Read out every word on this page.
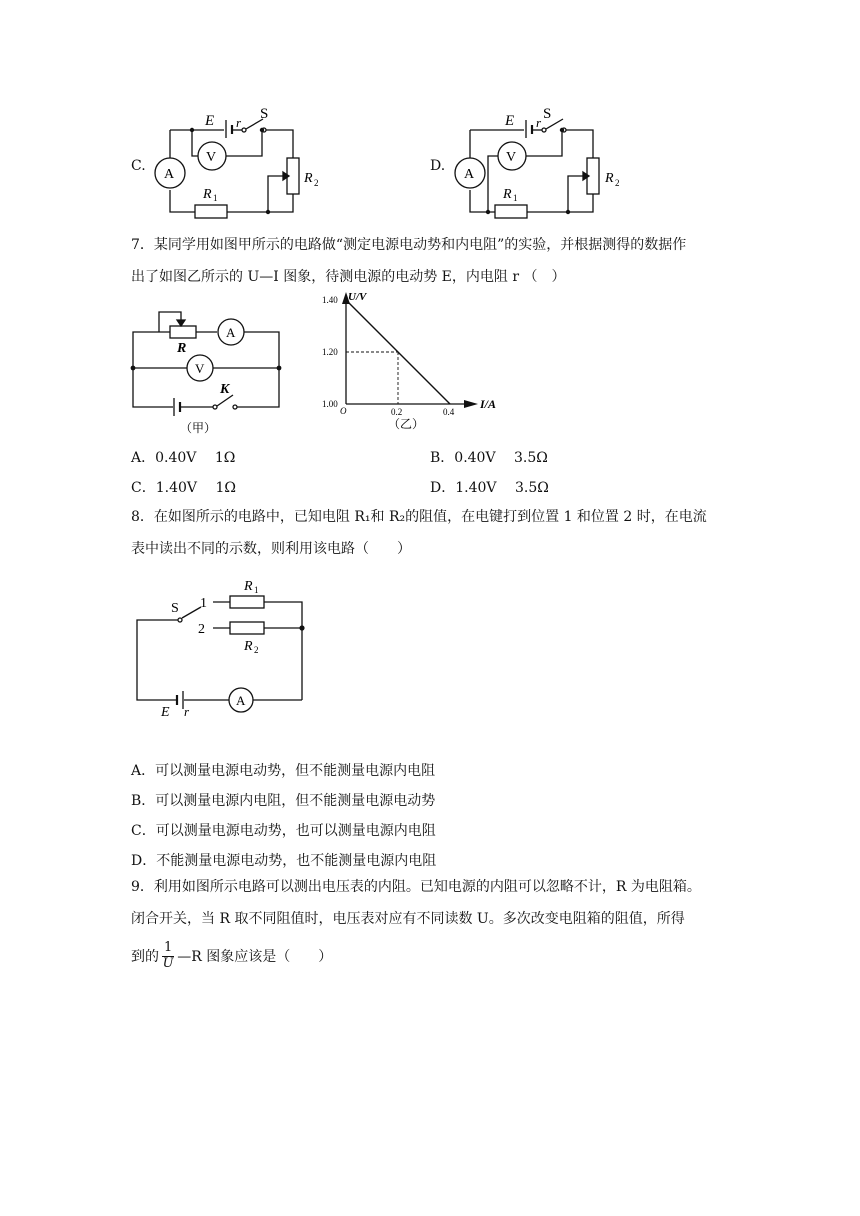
C.
E r
S
V
A
R 1
R 2
D.
E r
S
V
A
R 1
R 2
7．某同学用如图甲所示的电路做“测定电源电动势和内电阻”的实验，并根据测得的数据作
出了如图乙所示的 U—I 图象，待测电源的电动势 E，内电阻 r （　）
R
A
V
K
（甲）
U/V
I/A
O
1.00
1.20
1.40
0.2	0.4
（乙）
A．0.40V　 1Ω	B．0.40V　 3.5Ω
C．1.40V　 1Ω	D．1.40V　 3.5Ω
8．在如图所示的电路中，已知电阻 R₁和 R₂的阻值，在电键打到位置 1 和位置 2 时，在电流
表中读出不同的示数，则利用该电路（　　）
S 1
2
R 1
R 2
E r
A
A．可以测量电源电动势，但不能测量电源内电阻
B．可以测量电源内电阻，但不能测量电源电动势
C．可以测量电源电动势，也可以测量电源内电阻
D．不能测量电源电动势，也不能测量电源内电阻
9．利用如图所示电路可以测出电压表的内阻。已知电源的内阻可以忽略不计，R 为电阻箱。
闭合开关，当 R 取不同阻值时，电压表对应有不同读数 U。多次改变电阻箱的阻值，所得
到的 $\frac{1}{U}$ —R 图象应该是（　　）
